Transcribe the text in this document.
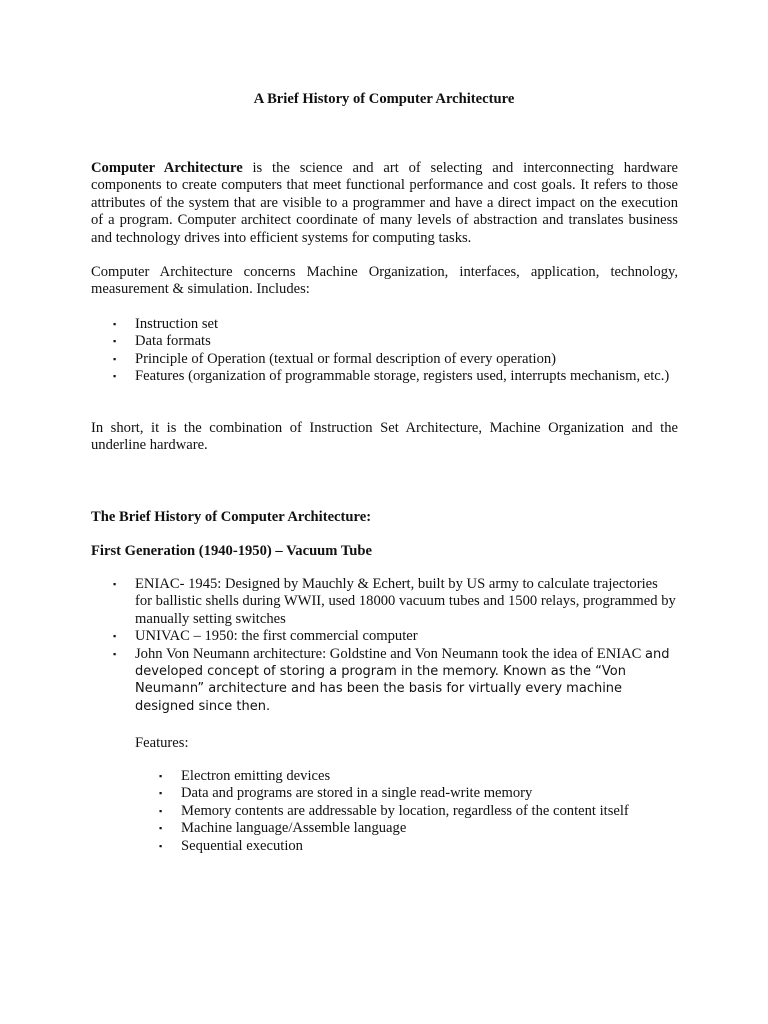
A Brief History of Computer Architecture

Computer Architecture is the science and art of selecting and interconnecting hardware components to create computers that meet functional performance and cost goals. It refers to those attributes of the system that are visible to a programmer and have a direct impact on the execution of a program. Computer architect coordinate of many levels of abstraction and translates business and technology drives into efficient systems for computing tasks.

Computer Architecture concerns Machine Organization, interfaces, application, technology, measurement & simulation. Includes:

▪ Instruction set
▪ Data formats
▪ Principle of Operation (textual or formal description of every operation)
▪ Features (organization of programmable storage, registers used, interrupts mechanism, etc.)

In short, it is the combination of Instruction Set Architecture, Machine Organization and the underline hardware.

The Brief History of Computer Architecture:

First Generation (1940-1950) – Vacuum Tube

▪ ENIAC- 1945: Designed by Mauchly & Echert, built by US army to calculate trajectories for ballistic shells during WWII, used 18000 vacuum tubes and 1500 relays, programmed by manually setting switches
▪ UNIVAC – 1950: the first commercial computer
▪ John Von Neumann architecture: Goldstine and Von Neumann took the idea of ENIAC and developed concept of storing a program in the memory. Known as the “Von Neumann” architecture and has been the basis for virtually every machine designed since then.

Features:

▪ Electron emitting devices
▪ Data and programs are stored in a single read-write memory
▪ Memory contents are addressable by location, regardless of the content itself
▪ Machine language/Assemble language
▪ Sequential execution
